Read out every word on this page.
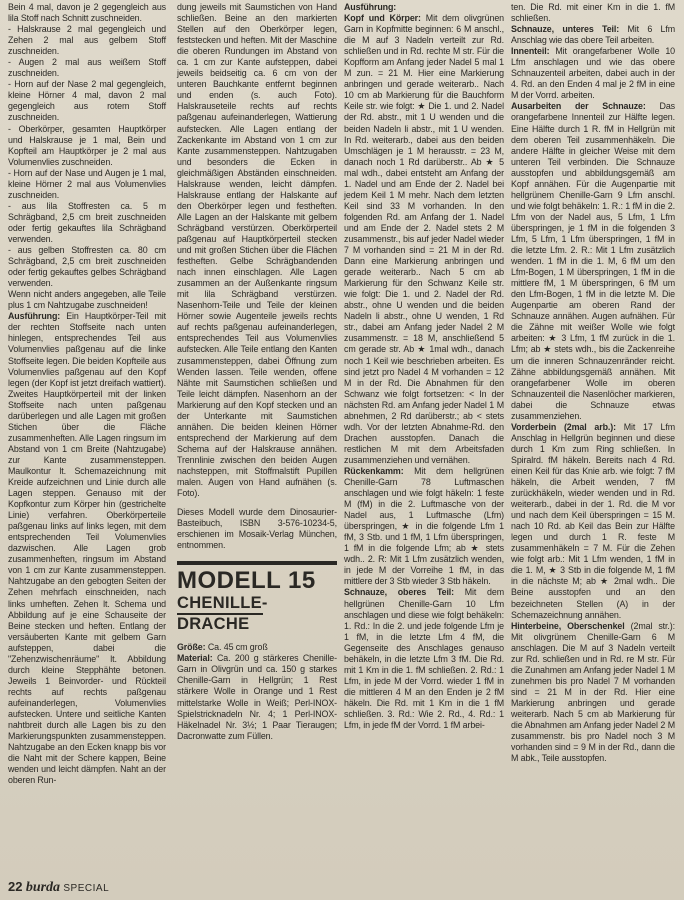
Bein 4 mal, davon je 2 gegengleich aus lila Stoff nach Schnitt zuschneiden.

- Halskrause 2 mal gegengleich und Zehen 2 mal aus gelbem Stoff zuschneiden.

- Augen 2 mal aus weißem Stoff zuschneiden.

- Horn auf der Nase 2 mal gegengleich, kleine Hörner 4 mal, davon 2 mal gegengleich aus rotem Stoff zuschneiden.

- Oberkörper, gesamten Hauptkörper und Halskrause je 1 mal, Bein und Kopfteil am Hauptkörper je 2 mal aus Volumenvlies zuschneiden.

- Horn auf der Nase und Augen je 1 mal, kleine Hörner 2 mal aus Volumenvlies zuschneiden.

- aus lila Stoffresten ca. 5 m Schrägband, 2,5 cm breit zuschneiden oder fertig gekauftes lila Schrägband verwenden.

- aus gelben Stoffresten ca. 80 cm Schrägband, 2,5 cm breit zuschneiden oder fertig gekauftes gelbes Schrägband verwenden.

Wenn nicht anders angegeben, alle Teile plus 1 cm Nahtzugabe zuschneiden!

Ausführung: Ein Hauptkörper-Teil mit der rechten Stoffseite nach unten hinlegen, entsprechendes Teil aus Volumenvlies paßgenau auf die linke Stoffseite legen. Die beiden Kopfteile aus Volumenvlies paßgenau auf den Kopf legen (der Kopf ist jetzt dreifach wattiert). Zweites Hauptkörperteil mit der linken Stoffseite nach unten paßgenau darüberlegen und alle Lagen mit großen Stichen über die Fläche zusammenheften. Alle Lagen ringsum im Abstand von 1 cm Breite (Nahtzugabe) zur Kante zusammensteppen. Maulkontur lt. Schemazeichnung mit Kreide aufzeichnen und Linie durch alle Lagen steppen. Genauso mit der Kopfkontur zum Körper hin (gestrichelte Linie) verfahren. Oberkörperteile paßgenau links auf links legen, mit dem entsprechenden Teil Volumenvlies dazwischen. Alle Lagen grob zusammenheften, ringsum im Abstand von 1 cm zur Kante zusammensteppen. Nahtzugabe an den gebogten Seiten der Zehen mehrfach einschneiden, nach links umheften. Zehen lt. Schema und Abbildung auf je eine Schauseite der Beine stecken und heften. Entlang der versäuberten Kante mit gelbem Garn aufsteppen, dabei die "Zehenzwischenräume" lt. Abbildung durch kleine Stepphähte betonen. Jeweils 1 Beinvorder- und Rückteil rechts auf rechts paßgenau aufeinanderlegen, Volumenvlies aufstecken. Untere und seitliche Kanten nahtbreit durch alle Lagen bis zu den Markierungspunkten zusammensteppen. Nahtzugabe an den Ecken knapp bis vor die Naht mit der Schere kappen, Beine wenden und leicht dämpfen. Naht an der oberen Run-

dung jeweils mit Saumstichen von Hand schließen. Beine an den markierten Stellen auf den Oberkörper legen, feststecken und heften. Mit der Maschine die oberen Rundungen im Abstand von ca. 1 cm zur Kante aufsteppen, dabei jeweils beidseitig ca. 6 cm von der unteren Bauchkante entfernt beginnen und enden (s. auch Foto). Halskrauseteile rechts auf rechts paßgenau aufeinanderlegen, Wattierung aufstecken. Alle Lagen entlang der Zackenkante im Abstand von 1 cm zur Kante zusammensteppen. Nahtzugaben und besonders die Ecken in gleichmäßigen Abständen einschneiden. Halskrause wenden, leicht dämpfen. Halskrause entlang der Halskante auf den Oberkörper legen und festheften. Alle Lagen an der Halskante mit gelbem Schrägband verstürzen. Oberkörperteil paßgenau auf Hauptkörperteil stecken und mit großen Stichen über die Flächen festheften. Gelbe Schrägbandenden nach innen einschlagen. Alle Lagen zusammen an der Außenkante ringsum mit lila Schrägband verstürzen. Nasenhorn-Teile und Teile der kleinen Hörner sowie Augenteile jeweils rechts auf rechts paßgenau aufeinanderlegen, entsprechendes Teil aus Volumenvlies aufstecken. Alle Teile entlang den Kanten zusammensteppen, dabei Öffnung zum Wenden lassen. Teile wenden, offene Nähte mit Saumstichen schließen und Teile leicht dämpfen. Nasenhorn an der Markierung auf den Kopf stecken und an der Unterkante mit Saumstichen annähen. Die beiden kleinen Hörner entsprechend der Markierung auf dem Schema auf der Halskrause annähen. Trennlinie zwischen den beiden Augen nachsteppen, mit Stoffmalstift Pupillen malen. Augen von Hand aufnähen (s. Foto).

Dieses Modell wurde dem Dinosaurier-Basteibuch, ISBN 3-576-10234-5, erschienen im Mosaik-Verlag München, entnommen.

MODELL 15
CHENILLE-
DRACHE

Größe: Ca. 45 cm groß

Material: Ca. 200 g stärkeres Chenille-Garn in Olivgrün und ca. 150 g starkes Chenille-Garn in Hellgrün; 1 Rest stärkere Wolle in Orange und 1 Rest mittelstarke Wolle in Weiß; Perl-INOX-Spielstricknadeln Nr. 4; 1 Perl-INOX-Häkelnadel Nr. 3½; 1 Paar Tieraugen; Dacronwatte zum Füllen.

Ausführung:

Kopf und Körper: Mit dem olivgrünen Garn in Kopfmitte beginnen: 6 M anschl., die M auf 3 Nadeln verteilt zur Rd. schließen und in Rd. rechte M str. Für die Kopfform am Anfang jeder Nadel 5 mal 1 M zun. = 21 M. Hier eine Markierung anbringen und gerade weiterarb.. Nach 10 cm ab Markierung für die Bauchform Keile str. wie folgt: ★ Die 1. und 2. Nadel der Rd. abstr., mit 1 U wenden und die beiden Nadeln li abstr., mit 1 U wenden. In Rd. weiterarb., dabei aus den beiden Umschlägen je 1 M herausstr. = 23 M, danach noch 1 Rd darüberstr.. Ab ★ 5 mal wdh., dabei entsteht am Anfang der 1. Nadel und am Ende der 2. Nadel bei jedem Keil 1 M mehr. Nach dem letzten Keil sind 33 M vorhanden. In den folgenden Rd. am Anfang der 1. Nadel und am Ende der 2. Nadel stets 2 M zusammenstr., bis auf jeder Nadel wieder 7 M vorhanden sind = 21 M in der Rd. Dann eine Markierung anbringen und gerade weiterarb.. Nach 5 cm ab Markierung für den Schwanz Keile str. wie folgt: Die 1. und 2. Nadel der Rd. abstr., ohne U wenden und die beiden Nadeln li abstr., ohne U wenden, 1 Rd str., dabei am Anfang jeder Nadel 2 M zusammenstr. = 18 M, anschließend 5 cm gerade str. Ab ★ 1mal wdh., danach noch 1 Keil wie beschrieben arbeiten. Es sind jetzt pro Nadel 4 M vorhanden = 12 M in der Rd. Die Abnahmen für den Schwanz wie folgt fortsetzen: < In der nächsten Rd. am Anfang jeder Nadel 1 M abnehmen, 2 Rd darüberstr.; ab < stets wdh. Vor der letzten Abnahme-Rd. den Drachen ausstopfen. Danach die restlichen M mit dem Arbeitsfaden zusammenziehen und vernähen.

Rückenkamm: Mit dem hellgrünen Chenille-Garn 78 Luftmaschen anschlagen und wie folgt häkeln: 1 feste M (fM) in die 2. Luftmasche von der Nadel aus, 1 Luftmasche (Lfm) überspringen, ★ in die folgende Lfm 1 fM, 3 Stb. und 1 fM, 1 Lfm überspringen, 1 fM in die folgende Lfm; ab ★ stets wdh.. 2. R: Mit 1 Lfm zusätzlich wenden, in jede M der Vorreihe 1 fM, in das mittlere der 3 Stb wieder 3 Stb häkeln.

Schnauze, oberes Teil: Mit dem hellgrünen Chenille-Garn 10 Lfm anschlagen und diese wie folgt behäkeln: 1. Rd.: In die 2. und jede folgende Lfm je 1 fM, in die letzte Lfm 4 fM, die Gegenseite des Anschlages genauso behäkeln, in die letzte Lfm 3 fM. Die Rd. mit 1 Km in die 1. fM schließen. 2. Rd.: 1 Lfm, in jede M der Vorrd. wieder 1 fM in die mittleren 4 M an den Enden je 2 fM häkeln. Die Rd. mit 1 Km in die 1 fM schließen. 3. Rd.: Wie 2. Rd., 4. Rd.: 1 Lfm, in jede fM der Vorrd. 1 fM arbei-

ten. Die Rd. mit einer Km in die 1. fM schließen.

Schnauze, unteres Teil: Mit 6 Lfm Anschlag wie das obere Teil arbeiten.

Innenteil: Mit orangefarbener Wolle 10 Lfm anschlagen und wie das obere Schnauzenteil arbeiten, dabei auch in der 4. Rd. an den Enden 4 mal je 2 fM in eine M der Vorrd. arbeiten.

Ausarbeiten der Schnauze: Das orangefarbene Innenteil zur Hälfte legen. Eine Hälfte durch 1 R. fM in Hellgrün mit dem oberen Teil zusammenhäkeln. Die andere Hälfte in gleicher Weise mit dem unteren Teil verbinden. Die Schnauze ausstopfen und abbildungsgemäß am Kopf annähen. Für die Augenpartie mit hellgrünem Chenille-Garn 9 Lfm anschl. und wie folgt behäkeln: 1. R.: 1 fM in die 2. Lfm von der Nadel aus, 5 Lfm, 1 Lfm überspringen, je 1 fM in die folgenden 3 Lfm, 5 Lfm, 1 Lfm überspringen, 1 fM in die letzte Lfm. 2. R.: Mit 1 Lfm zusätzlich wenden. 1 fM in die 1. M, 6 fM um den Lfm-Bogen, 1 M überspringen, 1 fM in die mittlere fM, 1 M überspringen, 6 fM um den Lfm-Bogen, 1 fM in die letzte M. Die Augenpartie am oberen Rand der Schnauze annähen. Augen aufnähen. Für die Zähne mit weißer Wolle wie folgt arbeiten: ★ 3 Lfm, 1 fM zurück in die 1. Lfm; ab ★ stets wdh., bis die Zackenreihe um die inneren Schnauzenränder reicht. Zähne abbildungsgemäß annähen. Mit orangefarbener Wolle im oberen Schnauzenteil die Nasenlöcher markieren, dabei die Schnauze etwas zusammenziehen.

Vorderbein (2mal arb.): Mit 17 Lfm Anschlag in Hellgrün beginnen und diese durch 1 Km zum Ring schließen. In Spiralrd. fM häkeln. Bereits nach 4 Rd. einen Keil für das Knie arb. wie folgt: 7 fM häkeln, die Arbeit wenden, 7 fM zurückhäkeln, wieder wenden und in Rd. weiterarb., dabei in der 1. Rd. die M vor und nach dem Keil überspringen = 15 M. nach 10 Rd. ab Keil das Bein zur Hälfte legen und durch 1 R. feste M zusammenhäkeln = 7 M. Für die Zehen wie folgt arb.: Mit 1 Lfm wenden, 1 fM in die 1. M, ★ 3 Stb in die folgende M, 1 fM in die nächste M; ab ★ 2mal wdh.. Die Beine ausstopfen und an den bezeichneten Stellen (A) in der Schemazeichnung annähen.

Hinterbeine, Oberschenkel (2mal str.): Mit olivgrünem Chenille-Garn 6 M anschlagen. Die M auf 3 Nadeln verteilt zur Rd. schließen und in Rd. re M str. Für die Zunahmen am Anfang jeder Nadel 1 M zunehmen bis pro Nadel 7 M vorhanden sind = 21 M in der Rd. Hier eine Markierung anbringen und gerade weiterarb. Nach 5 cm ab Markierung für die Abnahmen am Anfang jeder Nadel 2 M zusammenstr. bis pro Nadel noch 3 M vorhanden sind = 9 M in der Rd., dann die M abk., Teile ausstopfen.

22 burda SPECIAL
